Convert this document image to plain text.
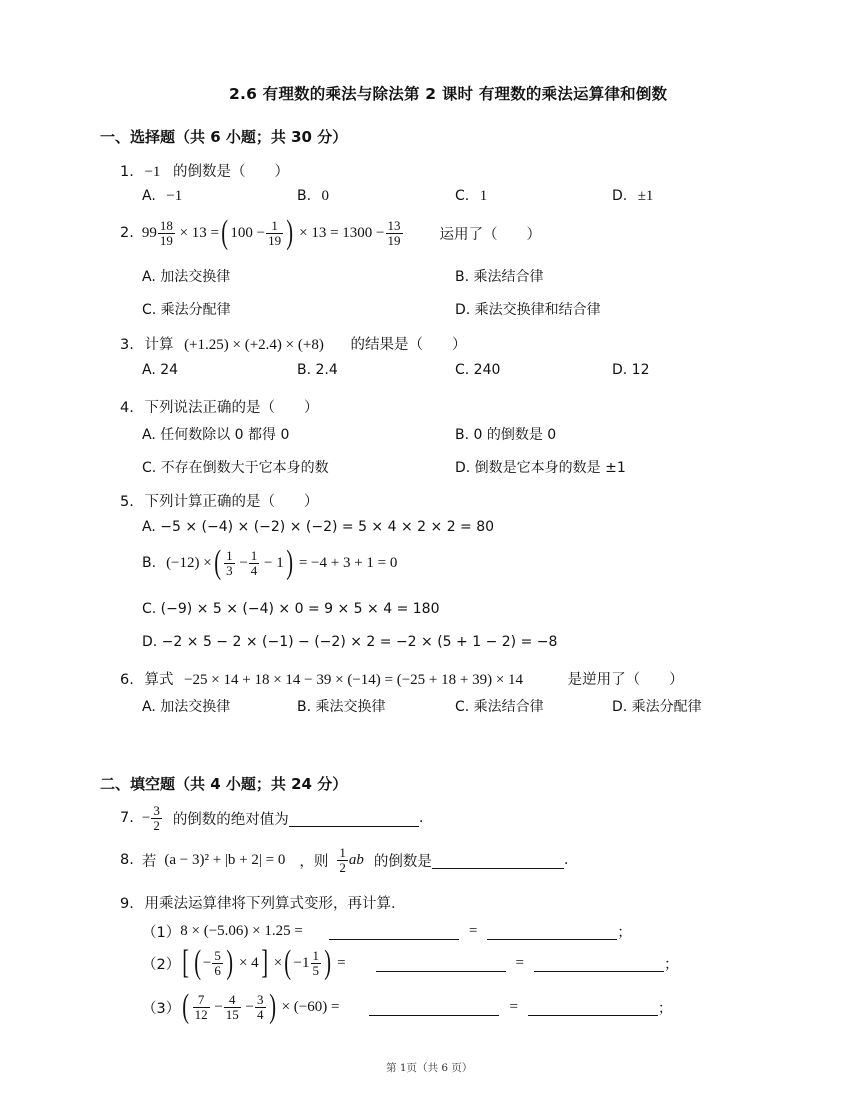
2.6 有理数的乘法与除法第 2 课时 有理数的乘法运算律和倒数
一、选择题（共 6 小题；共 30 分）
1. −1 的倒数是（　　）
A. −1	B. 0	C. 1	D. ±1
2. $99 \frac{18}{19} \times 13$ = ( $100 - \frac{1}{19}$ ) × $13 = 1300 - \frac{13}{19}$	运用了（　　）
A. 加法交换律	B. 乘法结合律
C. 乘法分配律	D. 乘法交换律和结合律
3. 计算 (+1.25) × (+2.4) × (+8) 的结果是（　　）
A. 24	B. 2.4	C. 240	D. 12
4. 下列说法正确的是（　　）
A. 任何数除以 0 都得 0	B. 0 的倒数是 0
C. 不存在倒数大于它本身的数	D. 倒数是它本身的数是 ±1
5. 下列计算正确的是（　　）
A. −5 × (−4) × (−2) × (−2) = 5 × 4 × 2 × 2 = 80
B. (−12) × ( $\frac{1}{3} - \frac{1}{4} - 1$ ) = −4 + 3 + 1 = 0
C. (−9) × 5 × (−4) × 0 = 9 × 5 × 4 = 180
D. −2 × 5 − 2 × (−1) − (−2) × 2 = −2 × (5 + 1 − 2) = −8
6. 算式 −25 × 14 + 18 × 14 − 39 × (−14) = (−25 + 18 + 39) × 14	是逆用了（　　）
A. 加法交换律	B. 乘法交换律	C. 乘法结合律	D. 乘法分配律
二、填空题（共 4 小题；共 24 分）
7. − $\frac{3}{2}$ 的倒数的绝对值为	.
8. 若 (a − 3)² + |b + 2| = 0 ，则 $\frac{1}{2}$ ab 的倒数是	.
9. 用乘法运算律将下列算式变形，再计算．
（1） 8 × (−5.06) × 1.25 =	=	；
（2） [ ( − $\frac{5}{6}$ ) × 4 ] × ( $-1 \frac{1}{5}$ ) =	=	；
（3） ( $\frac{7}{12} - \frac{4}{15} - \frac{3}{4}$ ) × (−60) =	=	；
第 1页（共 6 页）
